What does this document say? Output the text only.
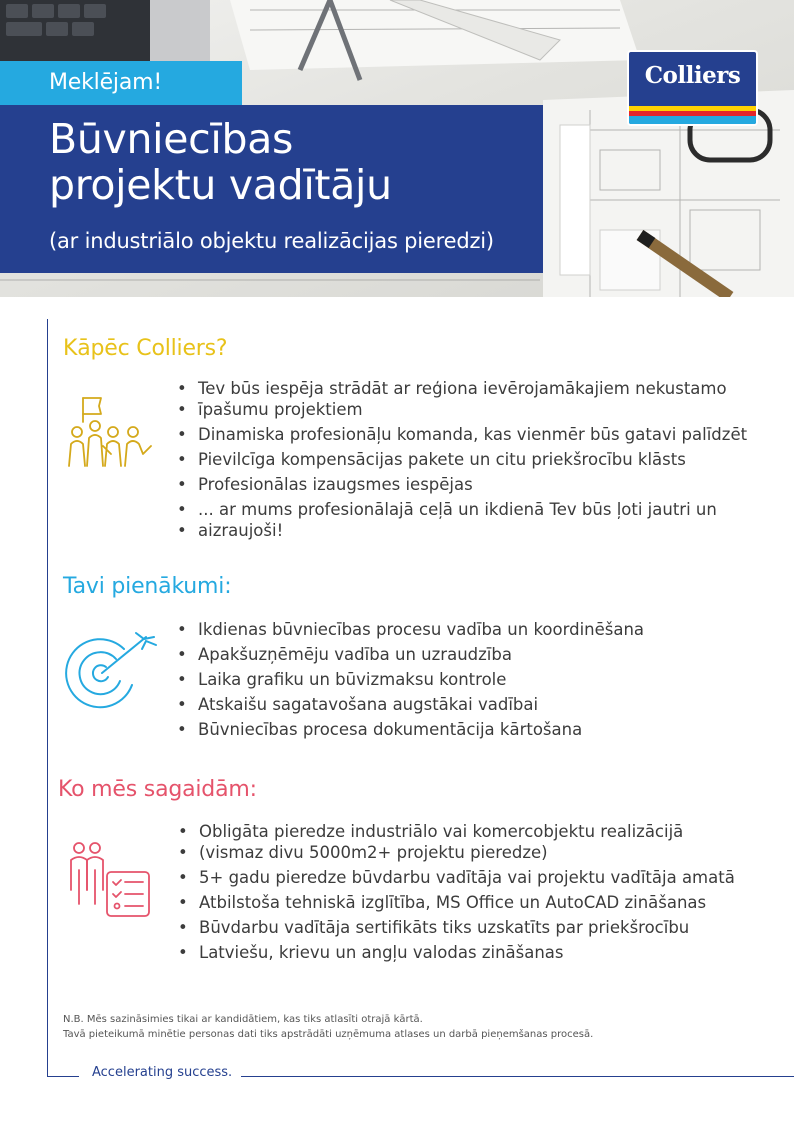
Meklējam!
Būvniecības
projektu vadītāju
(ar industriālo objektu realizācijas pieredzi)
Colliers
Accelerating success.
Kāpēc Colliers?
• Tev būs iespēja strādāt ar reģiona ievērojamākajiem nekustamo
• īpašumu projektiem
• Dinamiska profesionāļu komanda, kas vienmēr būs gatavi palīdzēt
• Pievilcīga kompensācijas pakete un citu priekšrocību klāsts
• Profesionālas izaugsmes iespējas
• ... ar mums profesionālajā ceļā un ikdienā Tev būs ļoti jautri un
• aizraujoši!
Tavi pienākumi:
• Ikdienas būvniecības procesu vadība un koordinēšana
• Apakšuzņēmēju vadība un uzraudzība
• Laika grafiku un būvizmaksu kontrole
• Atskaišu sagatavošana augstākai vadībai
• Būvniecības procesa dokumentācija kārtošana
Ko mēs sagaidām:
• Obligāta pieredze industriālo vai komercobjektu realizācijā
• (vismaz divu 5000m2+ projektu pieredze)
• 5+ gadu pieredze būvdarbu vadītāja vai projektu vadītāja amatā
• Atbilstoša tehniskā izglītība, MS Office un AutoCAD zināšanas
• Būvdarbu vadītāja sertifikāts tiks uzskatīts par priekšrocību
• Latviešu, krievu un angļu valodas zināšanas
N.B. Mēs sazināsimies tikai ar kandidātiem, kas tiks atlasīti otrajā kārtā.
Tavā pieteikumā minētie personas dati tiks apstrādāti uzņēmuma atlases un darbā pieņemšanas procesā.
